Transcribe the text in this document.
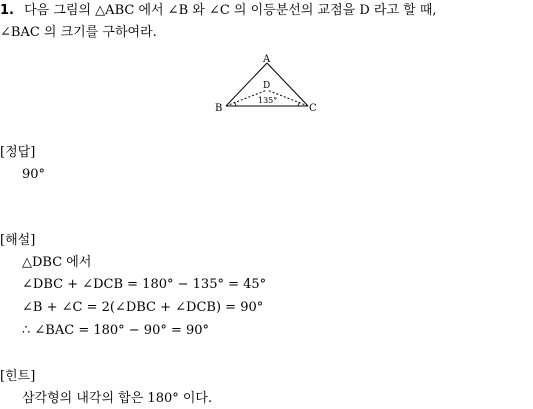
1. 다음 그림의 △ABC 에서 ∠B 와 ∠C 의 이등분선의 교점을 D 라고 할 때,
∠BAC 의 크기를 구하여라.
A
B	C
D
135°
[정답]
90°
[해설]
△DBC 에서
∠DBC + ∠DCB = 180° − 135° = 45°
∠B + ∠C = 2(∠DBC + ∠DCB) = 90°
∴ ∠BAC = 180° − 90° = 90°
[힌트]
삼각형의 내각의 합은 180° 이다.
